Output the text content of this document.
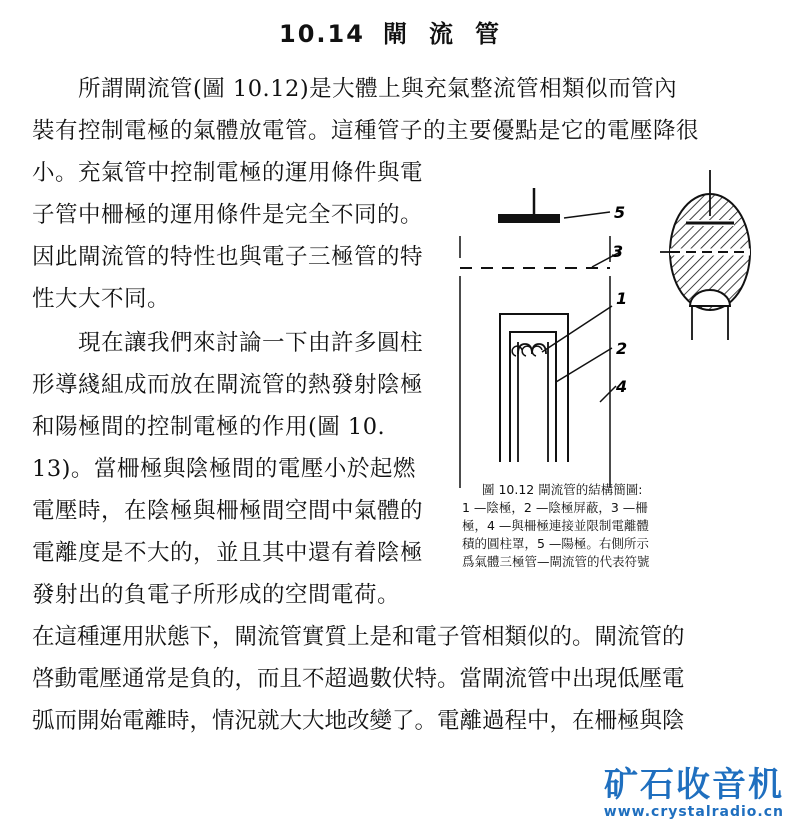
10.14 閘流管
所謂閘流管(圖 10.12)是大體上與充氣整流管相類似而管內
裝有控制電極的氣體放電管。這種管子的主要優點是它的電壓降很
小。充氣管中控制電極的運用條件與電
子管中柵極的運用條件是完全不同的。
因此閘流管的特性也與電子三極管的特
性大大不同。
現在讓我們來討論一下由許多圓柱
形導綫組成而放在閘流管的熱發射陰極
和陽極間的控制電極的作用(圖 10.
13)。當柵極與陰極間的電壓小於起燃
電壓時，在陰極與柵極間空間中氣體的
電離度是不大的，並且其中還有着陰極
發射出的負電子所形成的空間電荷。
在這種運用狀態下，閘流管實質上是和電子管相類似的。閘流管的
啓動電壓通常是負的，而且不超過數伏特。當閘流管中出現低壓電
弧而開始電離時，情況就大大地改變了。電離過程中，在柵極與陰
5
3
1
2
4
圖 10.12 閘流管的結構簡圖:
1 —陰極，2 —陰極屏蔽，3 —柵
極，4 —與柵極連接並限制電離體
積的圓柱罩，5 —陽極。右側所示
爲氣體三極管—閘流管的代表符號
矿石收音机
www.crystalradio.cn
